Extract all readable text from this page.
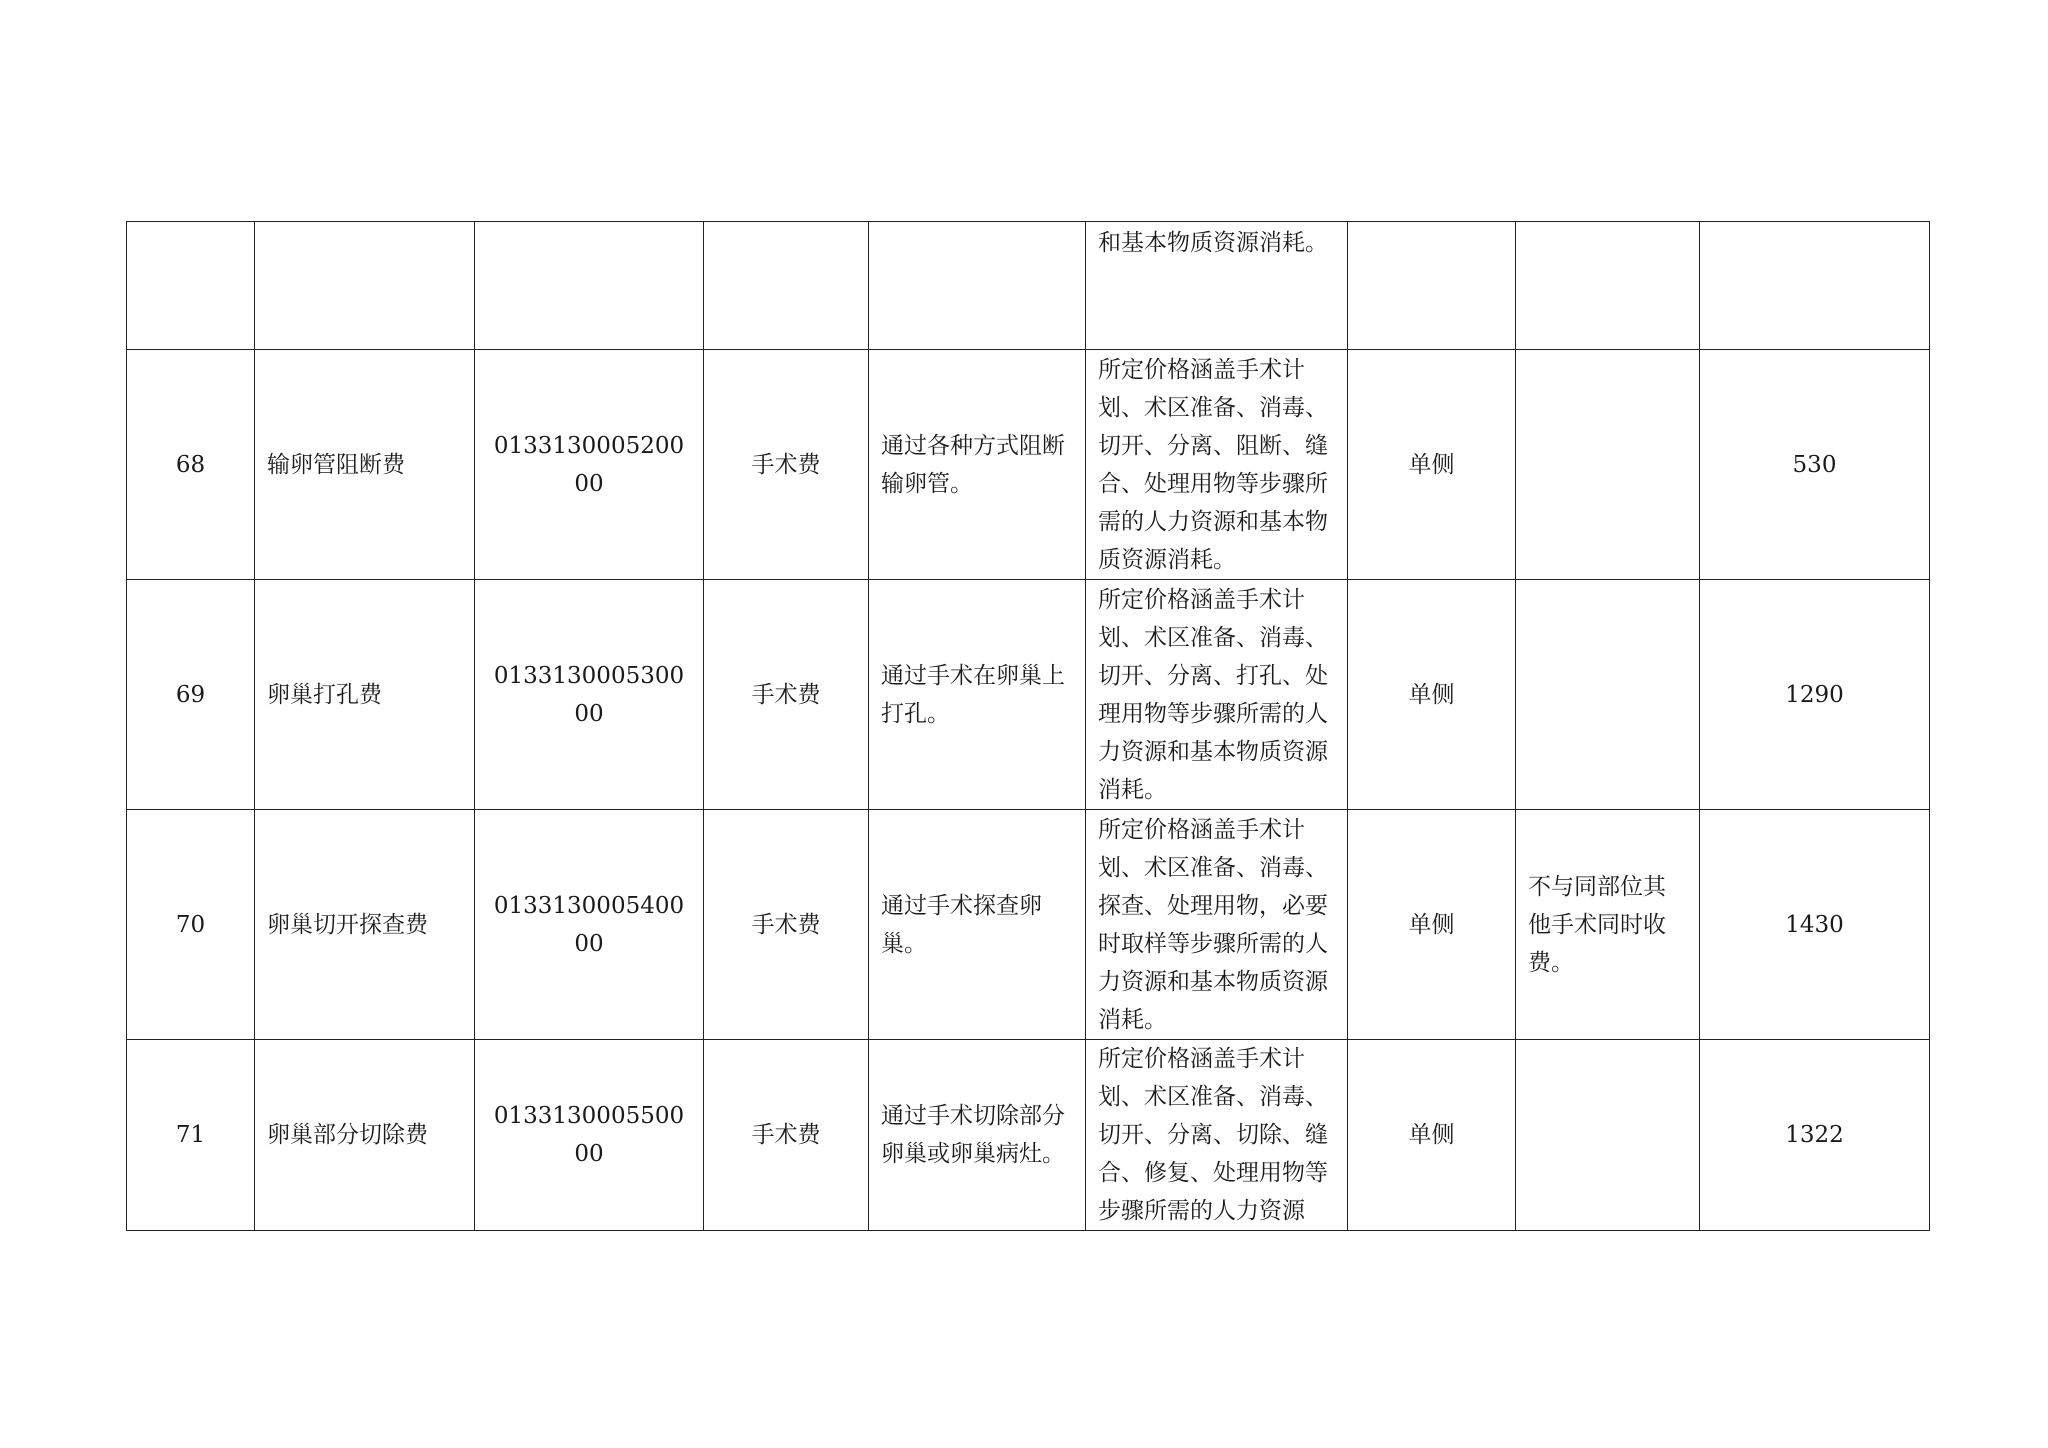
					和基本物质资源消耗。			
68	输卵管阻断费	013313000520000	手术费	通过各种方式阻断输卵管。	所定价格涵盖手术计划、术区准备、消毒、切开、分离、阻断、缝合、处理用物等步骤所需的人力资源和基本物质资源消耗。	单侧		530
69	卵巢打孔费	013313000530000	手术费	通过手术在卵巢上打孔。	所定价格涵盖手术计划、术区准备、消毒、切开、分离、打孔、处理用物等步骤所需的人力资源和基本物质资源消耗。	单侧		1290
70	卵巢切开探查费	013313000540000	手术费	通过手术探查卵巢。	所定价格涵盖手术计划、术区准备、消毒、探查、处理用物，必要时取样等步骤所需的人力资源和基本物质资源消耗。	单侧	不与同部位其他手术同时收费。	1430
71	卵巢部分切除费	013313000550000	手术费	通过手术切除部分卵巢或卵巢病灶。	所定价格涵盖手术计划、术区准备、消毒、切开、分离、切除、缝合、修复、处理用物等步骤所需的人力资源	单侧		1322
